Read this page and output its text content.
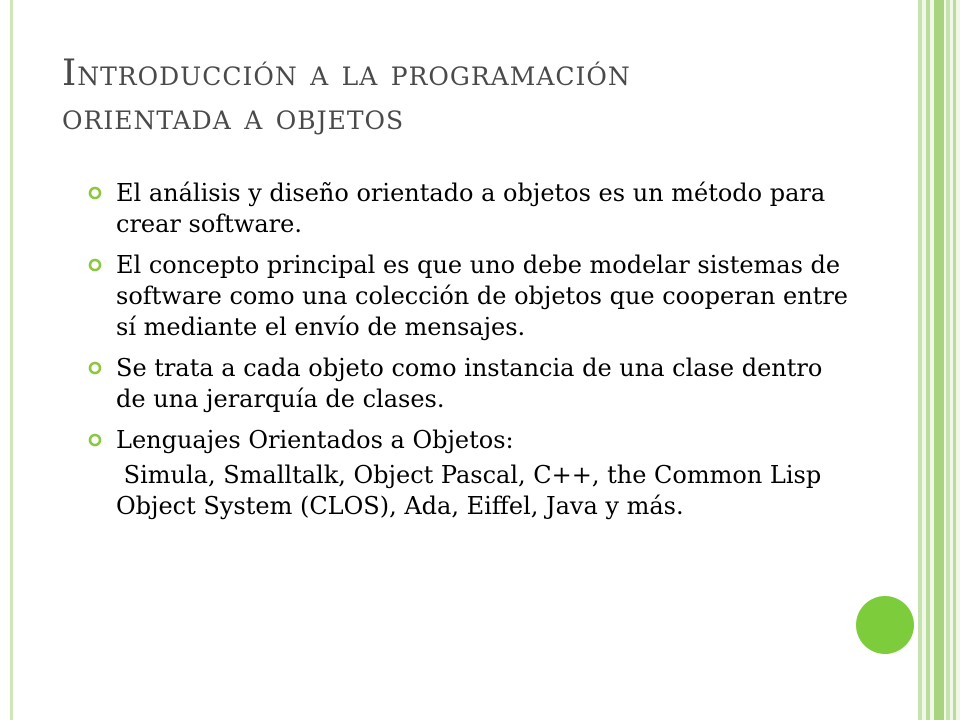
Introducción a la programación
orientada a objetos
El análisis y diseño orientado a objetos es un método para crear software.
El concepto principal es que uno debe modelar sistemas de software como una colección de objetos que cooperan entre sí mediante el envío de mensajes.
Se trata a cada objeto como instancia de una clase dentro de una jerarquía de clases.
Lenguajes Orientados a Objetos:
Simula, Smalltalk, Object Pascal, C++, the Common Lisp Object System (CLOS), Ada, Eiffel, Java y más.
